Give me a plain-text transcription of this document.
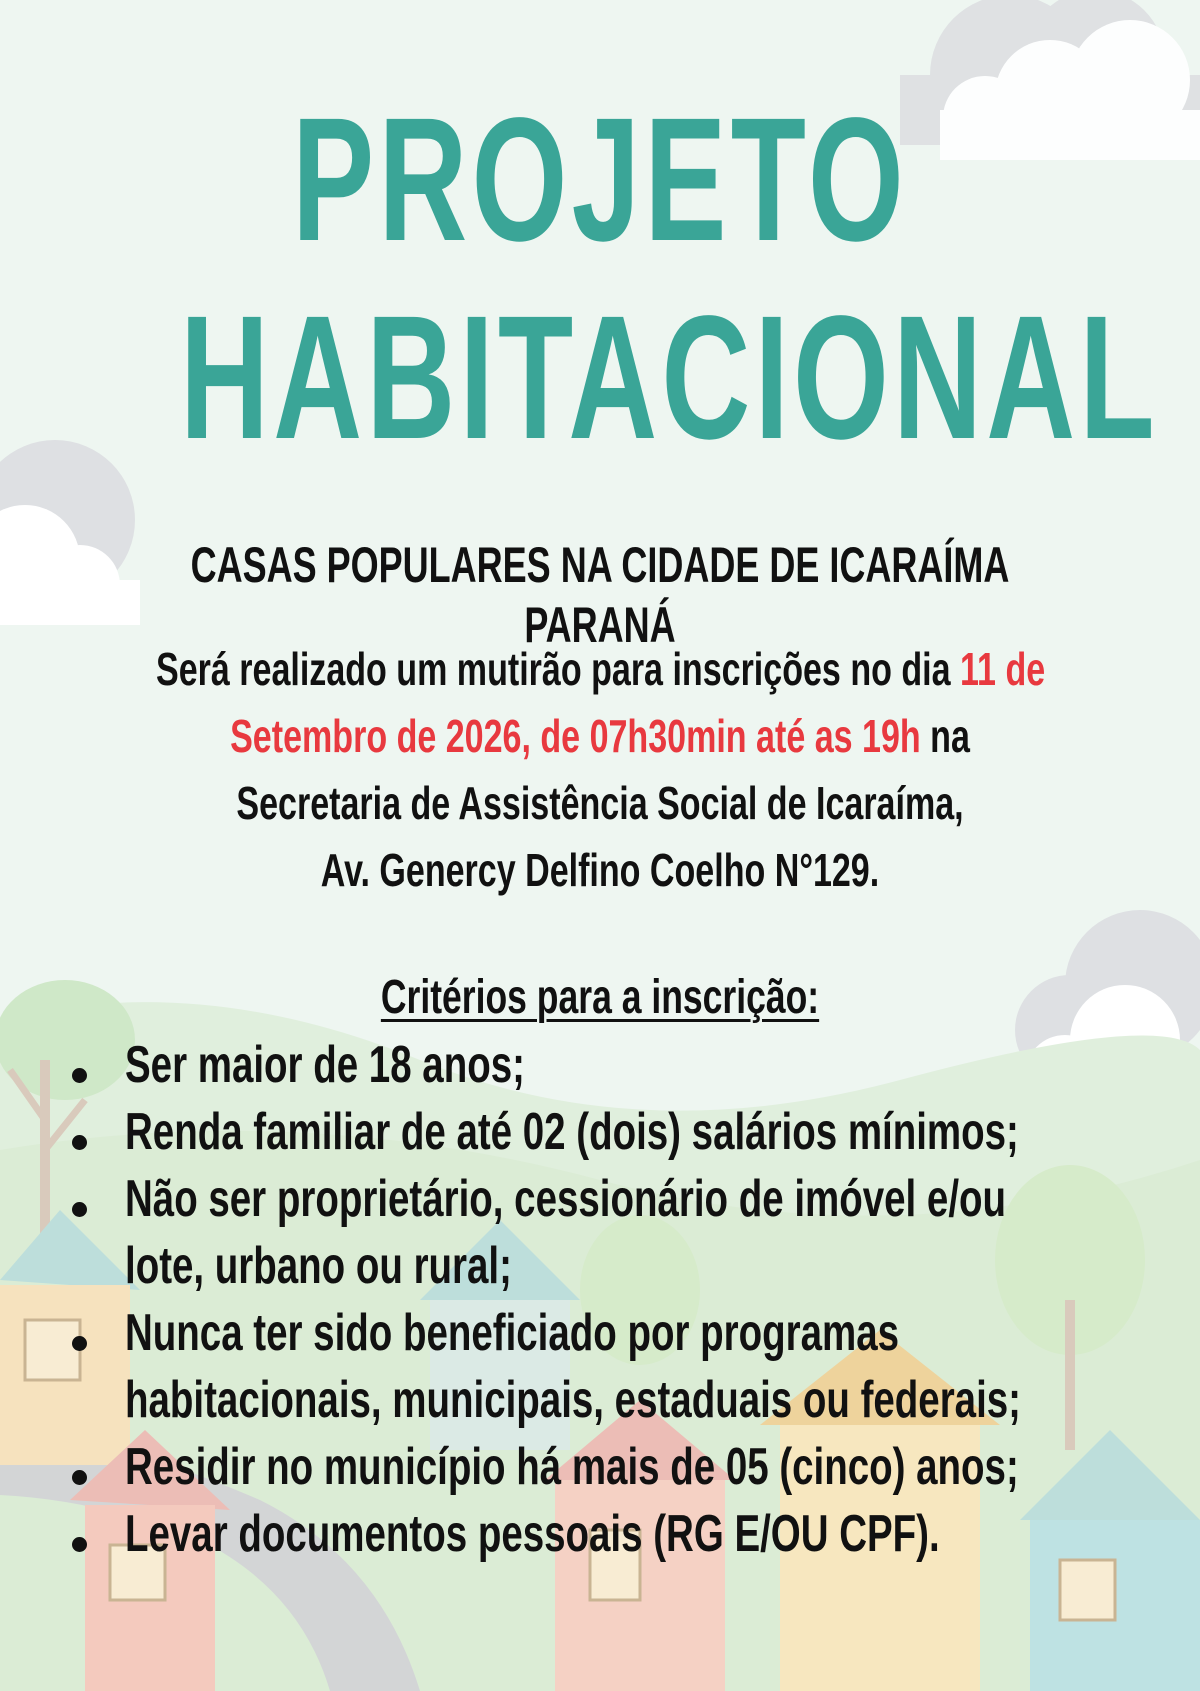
PROJETO
HABITACIONAL
CASAS POPULARES NA CIDADE DE ICARAÍMA PARANÁ
Será realizado um mutirão para inscrições no dia 11 de
Setembro de 2026, de 07h30min até as 19h na
Secretaria de Assistência Social de Icaraíma,
Av. Genercy Delfino Coelho N°129.
Critérios para a inscrição:
Ser maior de 18 anos;
Renda familiar de até 02 (dois) salários mínimos;
Não ser proprietário, cessionário de imóvel e/ou
lote, urbano ou rural;
Nunca ter sido beneficiado por programas
habitacionais, municipais, estaduais ou federais;
Residir no município há mais de 05 (cinco) anos;
Levar documentos pessoais (RG E/OU CPF).
